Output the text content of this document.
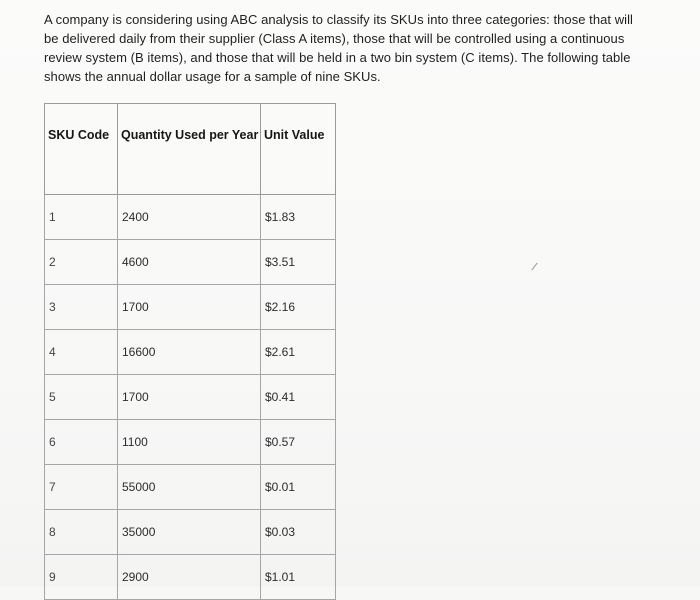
A company is considering using ABC analysis to classify its SKUs into three categories: those that will be delivered daily from their supplier (Class A items), those that will be controlled using a continuous review system (B items), and those that will be held in a two bin system (C items). The following table shows the annual dollar usage for a sample of nine SKUs.

SKU Code	Quantity Used per Year	Unit Value
1	2400	$1.83
2	4600	$3.51
3	1700	$2.16
4	16600	$2.61
5	1700	$0.41
6	1100	$0.57
7	55000	$0.01
8	35000	$0.03
9	2900	$1.01
